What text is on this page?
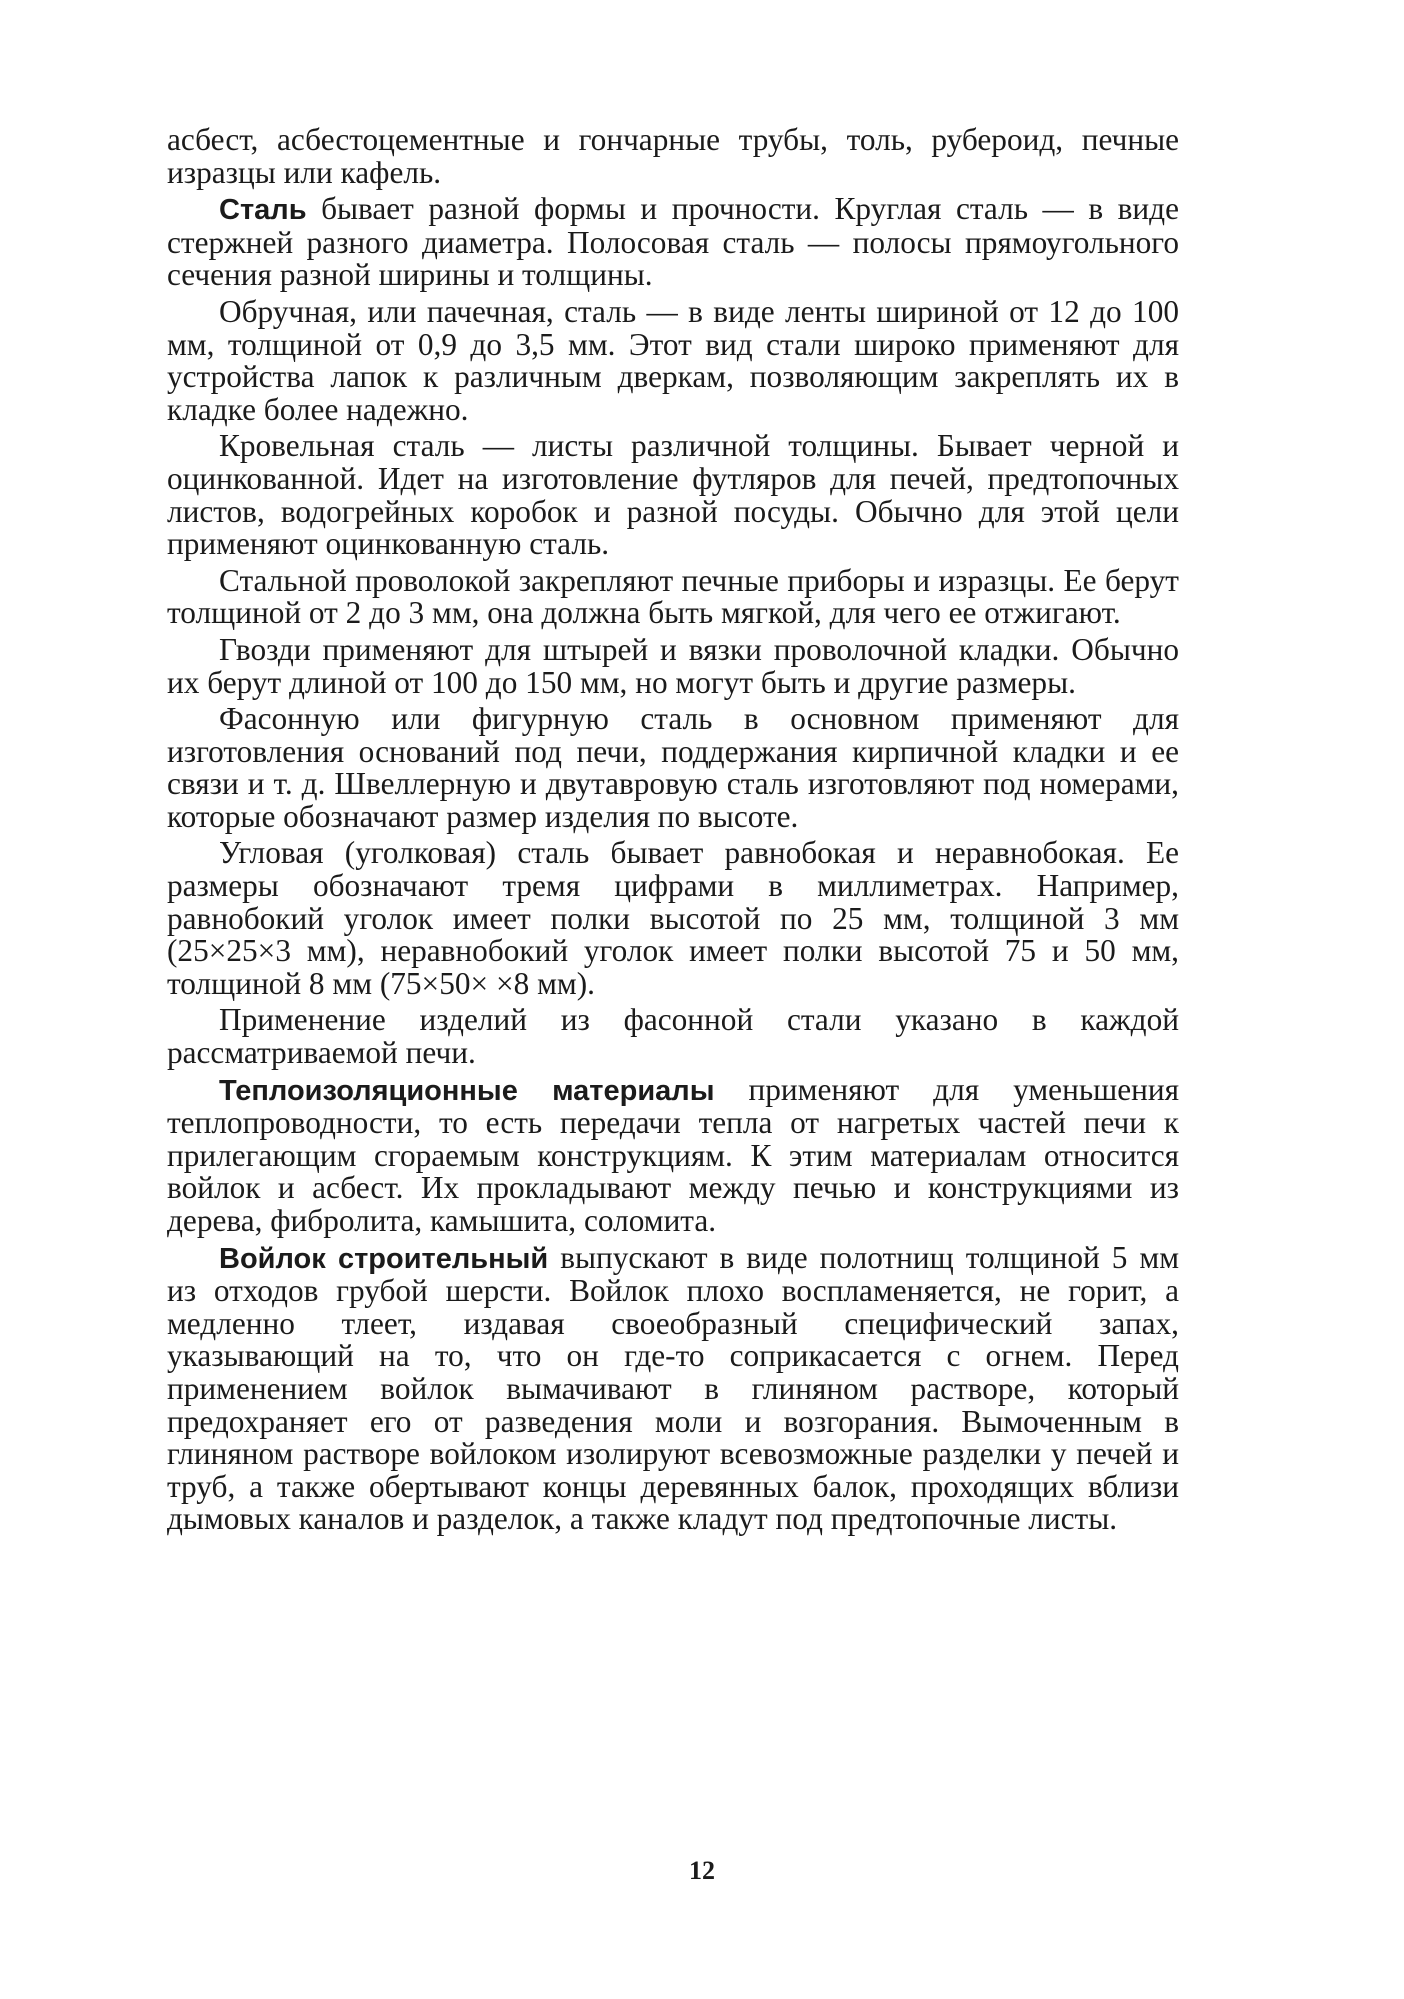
асбест, асбестоцементные и гончарные трубы, толь, рубероид, печные изразцы или кафель.

Сталь бывает разной формы и прочности. Круглая сталь — в виде стержней разного диаметра. Полосовая сталь — полосы прямоугольного сечения разной ширины и толщины.

Обручная, или пачечная, сталь — в виде ленты шириной от 12 до 100 мм, толщиной от 0,9 до 3,5 мм. Этот вид стали широко применяют для устройства лапок к различным дверкам, позволяющим закреплять их в кладке более надежно.

Кровельная сталь — листы различной толщины. Бывает черной и оцинкованной. Идет на изготовление футляров для печей, предтопочных листов, водогрейных коробок и разной посуды. Обычно для этой цели применяют оцинкованную сталь.

Стальной проволокой закрепляют печные приборы и изразцы. Ее берут толщиной от 2 до 3 мм, она должна быть мягкой, для чего ее отжигают.

Гвозди применяют для штырей и вязки проволочной кладки. Обычно их берут длиной от 100 до 150 мм, но могут быть и другие размеры.

Фасонную или фигурную сталь в основном применяют для изготовления оснований под печи, поддержания кирпичной кладки и ее связи и т. д. Швеллерную и двутавровую сталь изготовляют под номерами, которые обозначают размер изделия по высоте.

Угловая (уголковая) сталь бывает равнобокая и неравнобокая. Ее размеры обозначают тремя цифрами в миллиметрах. Например, равнобокий уголок имеет полки высотой по 25 мм, толщиной 3 мм (25×25×3 мм), неравнобокий уголок имеет полки высотой 75 и 50 мм, толщиной 8 мм (75×50× ×8 мм).

Применение изделий из фасонной стали указано в каждой рассматриваемой печи.

Теплоизоляционные материалы применяют для уменьшения теплопроводности, то есть передачи тепла от нагретых частей печи к прилегающим сгораемым конструкциям. К этим материалам относится войлок и асбест. Их прокладывают между печью и конструкциями из дерева, фибролита, камышита, соломита.

Войлок строительный выпускают в виде полотнищ толщиной 5 мм из отходов грубой шерсти. Войлок плохо воспламеняется, не горит, а медленно тлеет, издавая своеобразный специфический запах, указывающий на то, что он где-то соприкасается с огнем. Перед применением войлок вымачивают в глиняном растворе, который предохраняет его от разведения моли и возгорания. Вымоченным в глиняном растворе войлоком изолируют всевозможные разделки у печей и труб, а также обертывают концы деревянных балок, проходящих вблизи дымовых каналов и разделок, а также кладут под предтопочные листы.

12
